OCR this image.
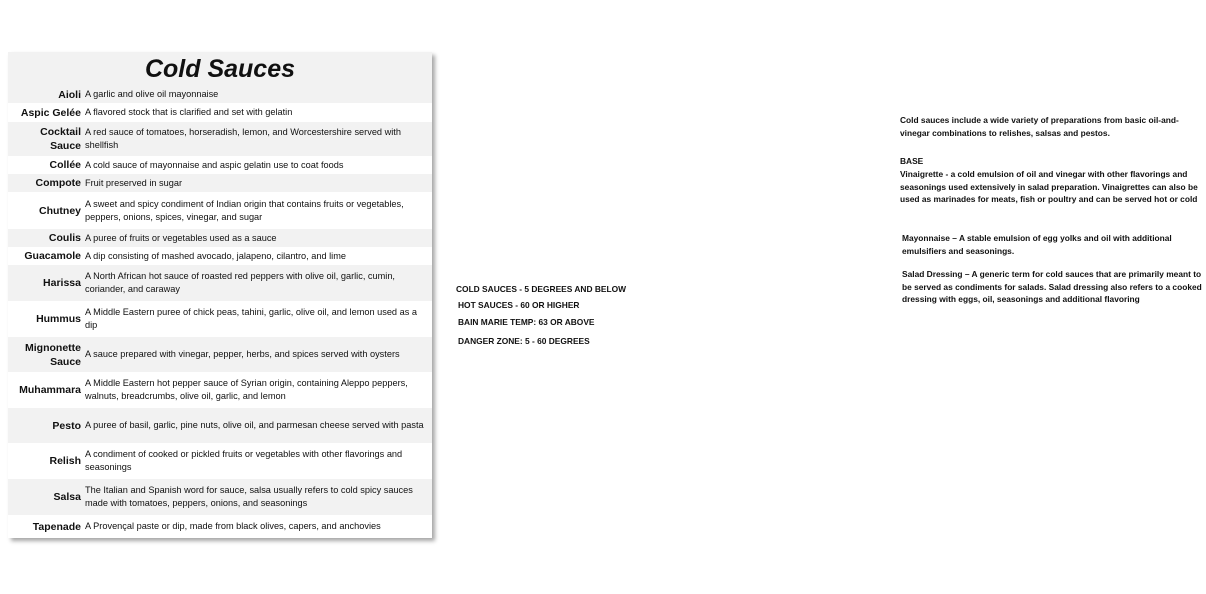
Cold Sauces
Aioli A garlic and olive oil mayonnaise
Aspic Gelée A flavored stock that is clarified and set with gelatin
Cocktail Sauce
A red sauce of tomatoes, horseradish, lemon, and Worcestershire served with shellfish
Collée A cold sauce of mayonnaise and aspic gelatin use to coat foods
Compote Fruit preserved in sugar
Chutney
A sweet and spicy condiment of Indian origin that contains fruits or vegetables, peppers, onions, spices, vinegar, and sugar
Coulis A puree of fruits or vegetables used as a sauce
Guacamole A dip consisting of mashed avocado, jalapeno, cilantro, and lime
Harissa
A North African hot sauce of roasted red peppers with olive oil, garlic, cumin, coriander, and caraway
Hummus
A Middle Eastern puree of chick peas, tahini, garlic, olive oil, and lemon used as a dip
Mignonette Sauce
A sauce prepared with vinegar, pepper, herbs, and spices served with oysters
Muhammara
A Middle Eastern hot pepper sauce of Syrian origin, containing Aleppo peppers, walnuts, breadcrumbs, olive oil, garlic, and lemon
Pesto A puree of basil, garlic, pine nuts, olive oil, and parmesan cheese served with pasta
Relish
A condiment of cooked or pickled fruits or vegetables with other flavorings and seasonings
Salsa
The Italian and Spanish word for sauce, salsa usually refers to cold spicy sauces made with tomatoes, peppers, onions, and seasonings
Tapenade A Provençal paste or dip, made from black olives, capers, and anchovies

Cold sauces include a wide variety of preparations from basic oil-and-vinegar combinations to relishes, salsas and pestos.

BASE

Vinaigrette - a cold emulsion of oil and vinegar with other flavorings and seasonings used extensively in salad preparation. Vinaigrettes can also be used as marinades for meats, fish or poultry and can be served hot or cold

Mayonnaise – A stable emulsion of egg yolks and oil with additional emulsifiers and seasonings.

Salad Dressing – A generic term for cold sauces that are primarily meant to be served as condiments for salads. Salad dressing also refers to a cooked dressing with eggs, oil, seasonings and additional flavoring

COLD SAUCES - 5 DEGREES AND BELOW
HOT SAUCES - 60 OR HIGHER
BAIN MARIE TEMP: 63 OR ABOVE
DANGER ZONE: 5 - 60 DEGREES
